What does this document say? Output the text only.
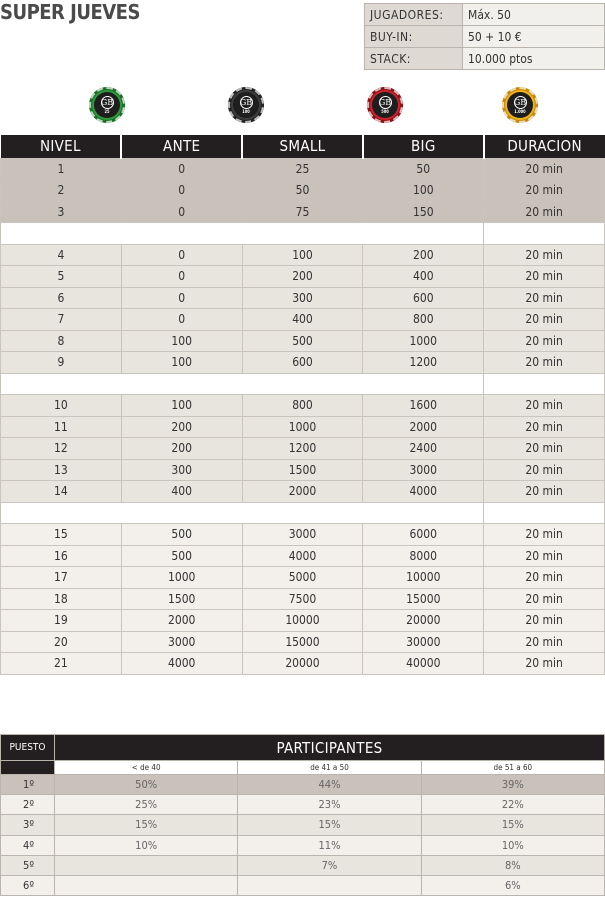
SUPER JUEVES	JUGADORES:	Máx. 50
BUY-IN:	50 + 10 €
STACK:	10.000 ptos
GB
25
GB
100
GB
500
GB
1.000
NIVEL	ANTE	SMALL	BIG	DURACION
1	0	25	50	20 min
2	0	50	100	20 min
3	0	75	150	20 min

4	0	100	200	20 min
5	0	200	400	20 min
6	0	300	600	20 min
7	0	400	800	20 min
8	100	500	1000	20 min
9	100	600	1200	20 min

10	100	800	1600	20 min
11	200	1000	2000	20 min
12	200	1200	2400	20 min
13	300	1500	3000	20 min
14	400	2000	4000	20 min

15	500	3000	6000	20 min
16	500	4000	8000	20 min
17	1000	5000	10000	20 min
18	1500	7500	15000	20 min
19	2000	10000	20000	20 min
20	3000	15000	30000	20 min
21	4000	20000	40000	20 min
PUESTO	PARTICIPANTES		
	< de 40	de 41 a 50	de 51 a 60
1º	50%	44%	39%
2º	25%	23%	22%
3º	15%	15%	15%
4º	10%	11%	10%
5º		7%	8%
6º			6%
